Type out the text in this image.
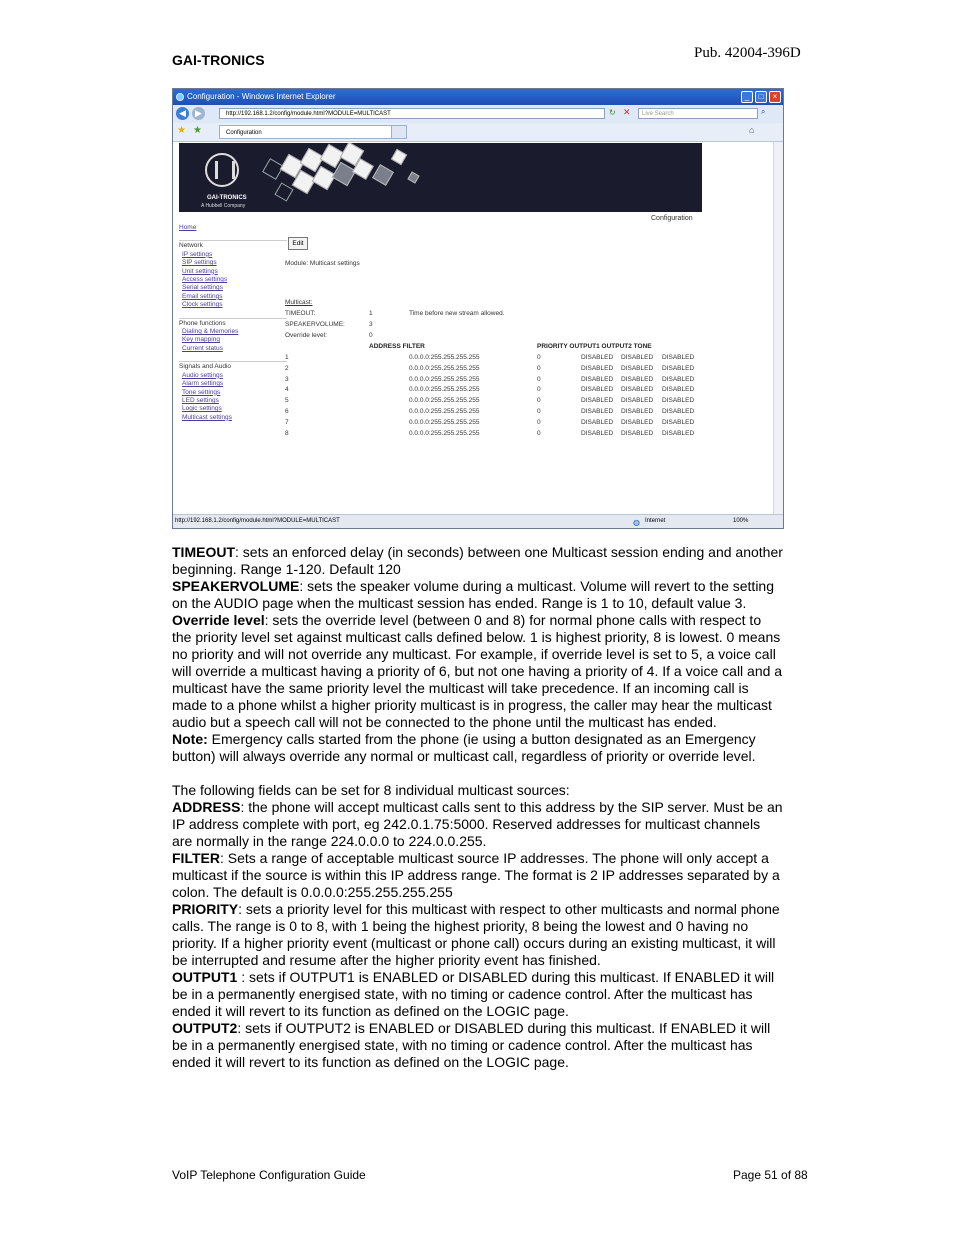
GAI-TRONICS	Pub. 42004-396D
Configuration - Windows Internet Explorer	_	□	×
◀	▶	http://192.168.1.2/config/module.html?MODULE=MULTICAST	↻ ✕	Live Search	⌕
★ ★	Configuration	⌂
GAI-TRONICS
A Hubbell Company
Configuration
Home
Network
IP settings
SIP settings
Unit settings
Access settings
Serial settings
Email settings
Clock settings
Phone functions
Dialing & Memories
Key mapping
Current status
Signals and Audio
Audio settings
Alarm settings
Tone settings
LED settings
Logic settings
Multicast settings
Edit
Module: Multicast settings
Multicast:
TIMEOUT:	1	Time before new stream allowed.
SPEAKERVOLUME:	3
Override level:	0
ADDRESS FILTER	PRIORITY OUTPUT1 OUTPUT2 TONE
1	0.0.0.0:255.255.255.255	0	DISABLED DISABLED DISABLED
2	0.0.0.0:255.255.255.255	0	DISABLED DISABLED DISABLED
3	0.0.0.0:255.255.255.255	0	DISABLED DISABLED DISABLED
4	0.0.0.0:255.255.255.255	0	DISABLED DISABLED DISABLED
5	0.0.0.0:255.255.255.255	0	DISABLED DISABLED DISABLED
6	0.0.0.0:255.255.255.255	0	DISABLED DISABLED DISABLED
7	0.0.0.0:255.255.255.255	0	DISABLED DISABLED DISABLED
8	0.0.0.0:255.255.255.255	0	DISABLED DISABLED DISABLED
http://192.168.1.2/config/module.html?MODULE=MULTICAST	◍ Internet	100%

TIMEOUT: sets an enforced delay (in seconds) between one Multicast session ending and another beginning. Range 1-120. Default 120

SPEAKERVOLUME: sets the speaker volume during a multicast. Volume will revert to the setting on the AUDIO page when the multicast session has ended. Range is 1 to 10, default value 3.

Override level: sets the override level (between 0 and 8) for normal phone calls with respect to the priority level set against multicast calls defined below. 1 is highest priority, 8 is lowest. 0 means no priority and will not override any multicast. For example, if override level is set to 5, a voice call will override a multicast having a priority of 6, but not one having a priority of 4. If a voice call and a multicast have the same priority level the multicast will take precedence. If an incoming call is made to a phone whilst a higher priority multicast is in progress, the caller may hear the multicast audio but a speech call will not be connected to the phone until the multicast has ended.

Note: Emergency calls started from the phone (ie using a button designated as an Emergency button) will always override any normal or multicast call, regardless of priority or override level.

The following fields can be set for 8 individual multicast sources:

ADDRESS: the phone will accept multicast calls sent to this address by the SIP server. Must be an IP address complete with port, eg 242.0.1.75:5000. Reserved addresses for multicast channels are normally in the range 224.0.0.0 to 224.0.0.255.

FILTER: Sets a range of acceptable multicast source IP addresses. The phone will only accept a multicast if the source is within this IP address range. The format is 2 IP addresses separated by a colon. The default is 0.0.0.0:255.255.255.255

PRIORITY: sets a priority level for this multicast with respect to other multicasts and normal phone calls. The range is 0 to 8, with 1 being the highest priority, 8 being the lowest and 0 having no priority. If a higher priority event (multicast or phone call) occurs during an existing multicast, it will be interrupted and resume after the higher priority event has finished.

OUTPUT1 : sets if OUTPUT1 is ENABLED or DISABLED during this multicast. If ENABLED it will be in a permanently energised state, with no timing or cadence control. After the multicast has ended it will revert to its function as defined on the LOGIC page.

OUTPUT2: sets if OUTPUT2 is ENABLED or DISABLED during this multicast. If ENABLED it will be in a permanently energised state, with no timing or cadence control. After the multicast has ended it will revert to its function as defined on the LOGIC page.

VoIP Telephone Configuration Guide	Page 51 of 88
